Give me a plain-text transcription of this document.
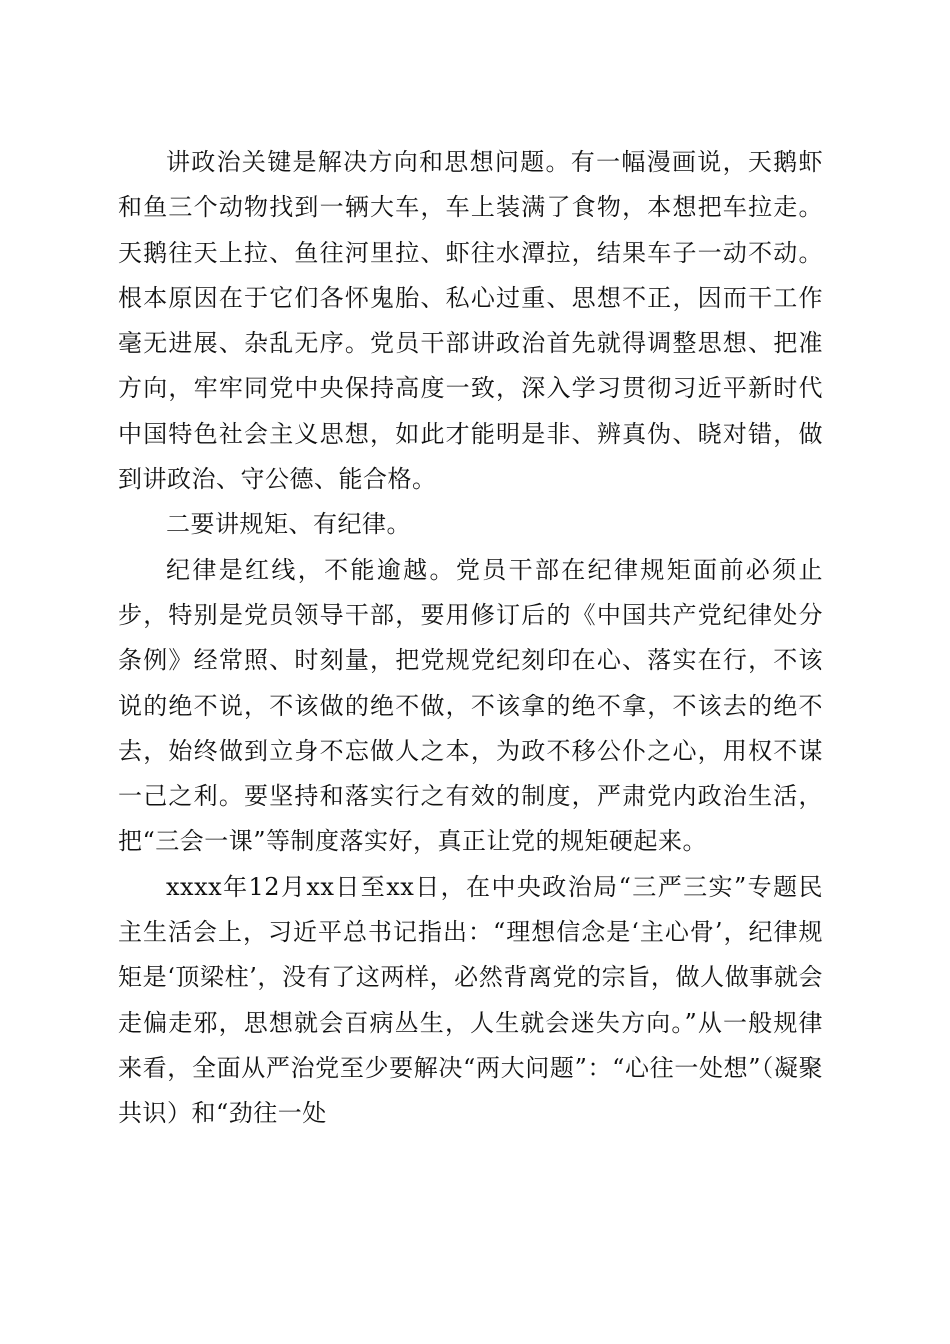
讲政治关键是解决方向和思想问题。有一幅漫画说，天鹅虾和鱼三个动物找到一辆大车，车上装满了食物，本想把车拉走。天鹅往天上拉、鱼往河里拉、虾往水潭拉，结果车子一动不动。根本原因在于它们各怀鬼胎、私心过重、思想不正，因而干工作毫无进展、杂乱无序。党员干部讲政治首先就得调整思想、把准方向，牢牢同党中央保持高度一致，深入学习贯彻习近平新时代中国特色社会主义思想，如此才能明是非、辨真伪、晓对错，做到讲政治、守公德、能合格。

二要讲规矩、有纪律。

纪律是红线，不能逾越。党员干部在纪律规矩面前必须止步，特别是党员领导干部，要用修订后的《中国共产党纪律处分条例》经常照、时刻量，把党规党纪刻印在心、落实在行，不该说的绝不说，不该做的绝不做，不该拿的绝不拿，不该去的绝不去，始终做到立身不忘做人之本，为政不移公仆之心，用权不谋一己之利。要坚持和落实行之有效的制度，严肃党内政治生活，把“三会一课”等制度落实好，真正让党的规矩硬起来。

xxxx年12月xx日至xx日，在中央政治局“三严三实”专题民主生活会上，习近平总书记指出：“理想信念是‘主心骨’，纪律规矩是‘顶梁柱’，没有了这两样，必然背离党的宗旨，做人做事就会走偏走邪，思想就会百病丛生，人生就会迷失方向。”从一般规律来看，全面从严治党至少要解决“两大问题”：“心往一处想”（凝聚共识）和“劲往一处
